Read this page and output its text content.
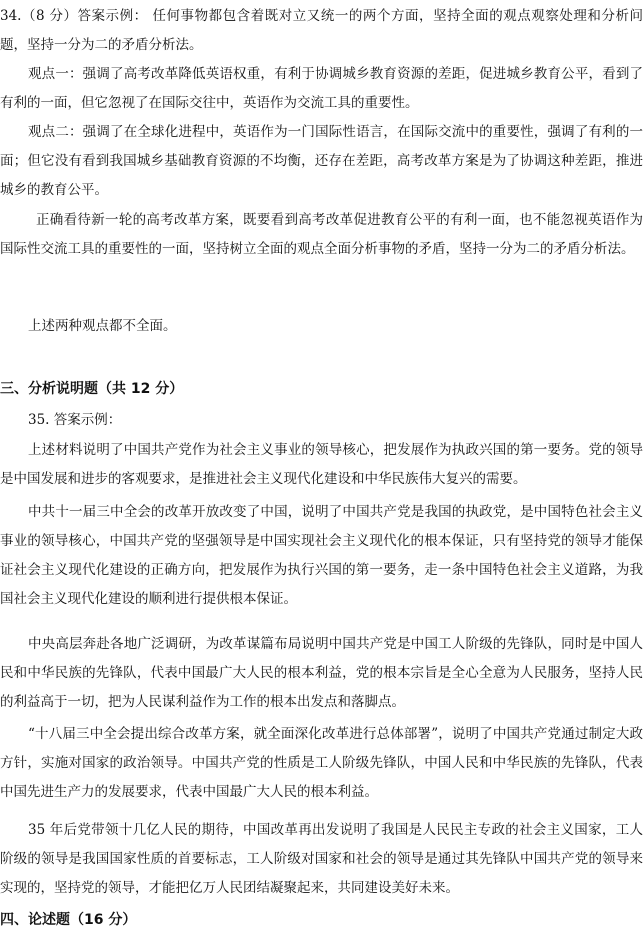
34.（8 分）答案示例： 任何事物都包含着既对立又统一的两个方面，坚持全面的观点观察处理和分析问题，坚持一分为二的矛盾分析法。

观点一：强调了高考改革降低英语权重，有利于协调城乡教育资源的差距，促进城乡教育公平，看到了有利的一面，但它忽视了在国际交往中，英语作为交流工具的重要性。

观点二：强调了在全球化进程中，英语作为一门国际性语言，在国际交流中的重要性，强调了有利的一面；但它没有看到我国城乡基础教育资源的不均衡，还存在差距，高考改革方案是为了协调这种差距，推进城乡的教育公平。

正确看待新一轮的高考改革方案，既要看到高考改革促进教育公平的有利一面，也不能忽视英语作为国际性交流工具的重要性的一面，坚持树立全面的观点全面分析事物的矛盾，坚持一分为二的矛盾分析法。

上述两种观点都不全面。

三、分析说明题（共 12 分）

35. 答案示例：

上述材料说明了中国共产党作为社会主义事业的领导核心，把发展作为执政兴国的第一要务。党的领导是中国发展和进步的客观要求，是推进社会主义现代化建设和中华民族伟大复兴的需要。

中共十一届三中全会的改革开放改变了中国，说明了中国共产党是我国的执政党，是中国特色社会主义事业的领导核心，中国共产党的坚强领导是中国实现社会主义现代化的根本保证，只有坚持党的领导才能保证社会主义现代化建设的正确方向，把发展作为执行兴国的第一要务，走一条中国特色社会主义道路，为我国社会主义现代化建设的顺利进行提供根本保证。

中央高层奔赴各地广泛调研，为改革谋篇布局说明中国共产党是中国工人阶级的先锋队，同时是中国人民和中华民族的先锋队，代表中国最广大人民的根本利益，党的根本宗旨是全心全意为人民服务，坚持人民的利益高于一切，把为人民谋利益作为工作的根本出发点和落脚点。

“十八届三中全会提出综合改革方案，就全面深化改革进行总体部署”，说明了中国共产党通过制定大政方针，实施对国家的政治领导。中国共产党的性质是工人阶级先锋队，中国人民和中华民族的先锋队，代表中国先进生产力的发展要求，代表中国最广大人民的根本利益。

35 年后党带领十几亿人民的期待，中国改革再出发说明了我国是人民民主专政的社会主义国家，工人阶级的领导是我国国家性质的首要标志，工人阶级对国家和社会的领导是通过其先锋队中国共产党的领导来实现的，坚持党的领导，才能把亿万人民团结凝聚起来，共同建设美好未来。

四、论述题（16 分）
